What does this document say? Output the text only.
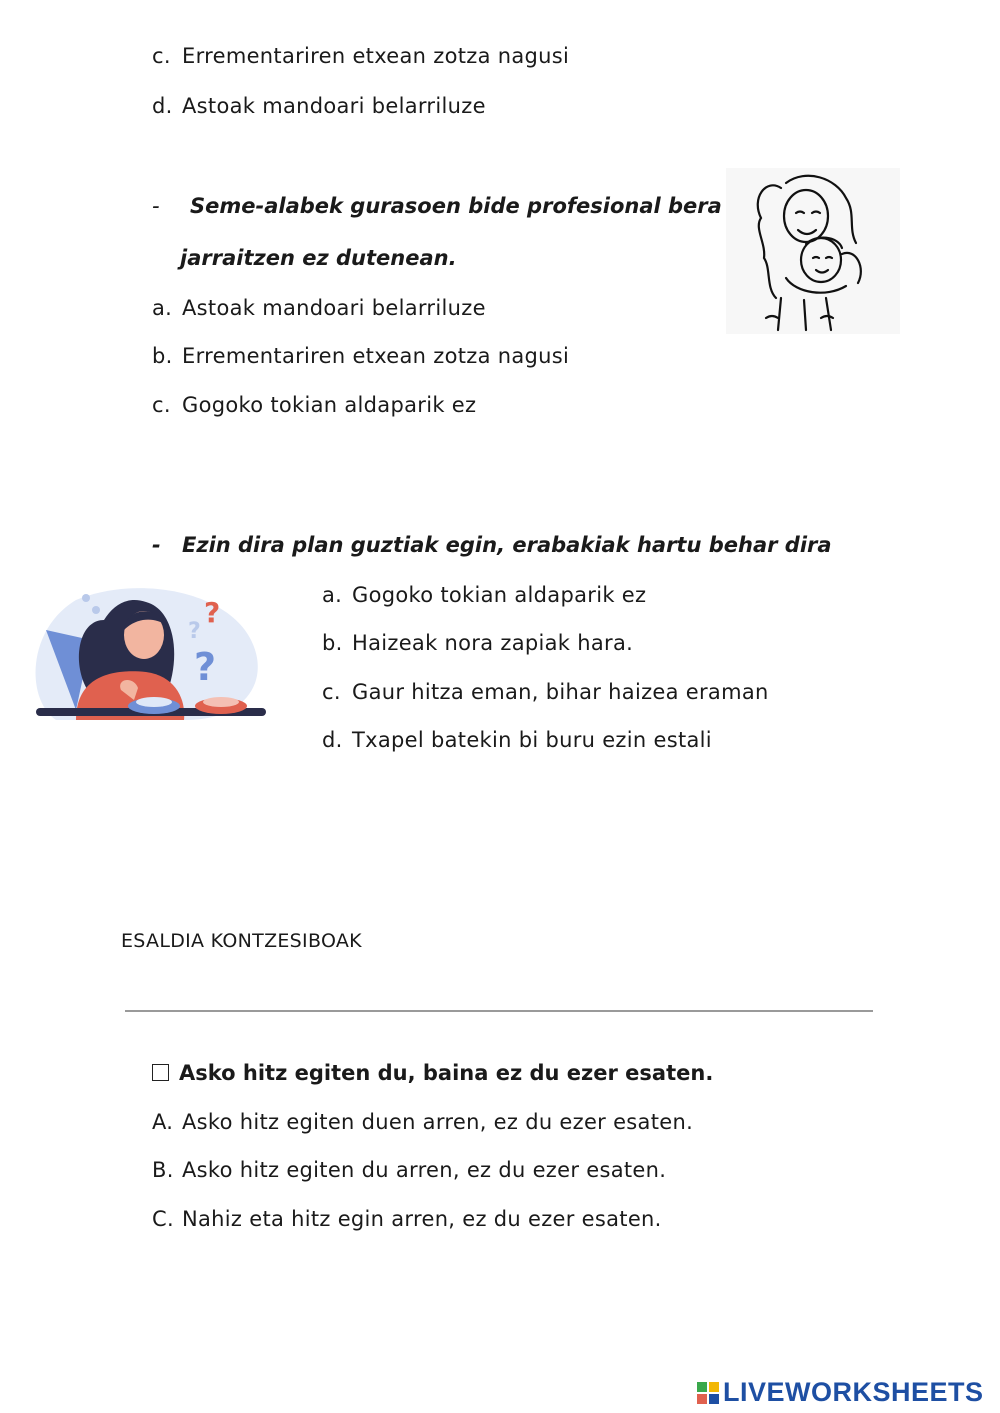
c. Errementariren etxean zotza nagusi
d. Astoak mandoari belarriluze
- Seme-alabek gurasoen bide profesional bera
jarraitzen ez dutenean.
a. Astoak mandoari belarriluze
b. Errementariren etxean zotza nagusi
c. Gogoko tokian aldaparik ez
- Ezin dira plan guztiak egin, erabakiak hartu behar dira
?
?
?
a. Gogoko tokian aldaparik ez
b. Haizeak nora zapiak hara.
c. Gaur hitza eman, bihar haizea eraman
d. Txapel batekin bi buru ezin estali
ESALDIA KONTZESIBOAK
Asko hitz egiten du, baina ez du ezer esaten.
A. Asko hitz egiten duen arren, ez du ezer esaten.
B. Asko hitz egiten du arren, ez du ezer esaten.
C. Nahiz eta hitz egin arren, ez du ezer esaten.
LIVEWORKSHEETS
